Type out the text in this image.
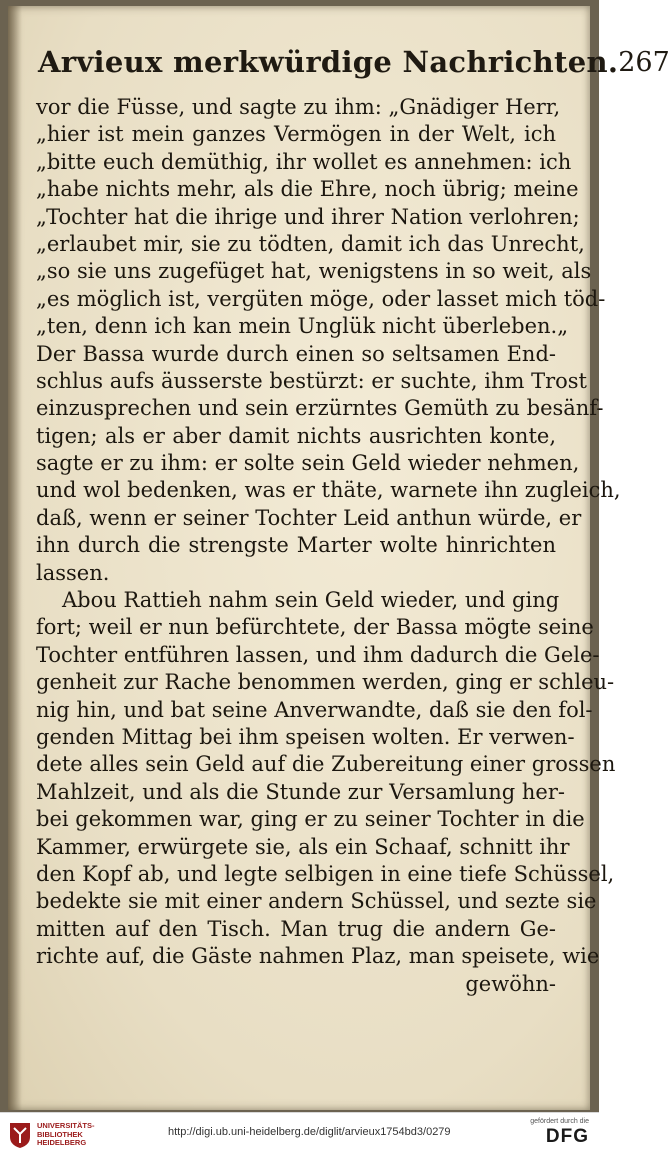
Arvieux merkwürdige Nachrichten. 267
vor die Füsse, und sagte zu ihm: „Gnädiger Herr,
„hier ist mein ganzes Vermögen in der Welt, ich
„bitte euch demüthig, ihr wollet es annehmen: ich
„habe nichts mehr, als die Ehre, noch übrig; meine
„Tochter hat die ihrige und ihrer Nation verlohren;
„erlaubet mir, sie zu tödten, damit ich das Unrecht,
„so sie uns zugefüget hat, wenigstens in so weit, als
„es möglich ist, vergüten möge, oder lasset mich töd-
„ten, denn ich kan mein Unglük nicht überleben.„
Der Bassa wurde durch einen so seltsamen End-
schlus aufs äusserste bestürzt: er suchte, ihm Trost
einzusprechen und sein erzürntes Gemüth zu besänf-
tigen; als er aber damit nichts ausrichten konte,
sagte er zu ihm: er solte sein Geld wieder nehmen,
und wol bedenken, was er thäte, warnete ihn zugleich,
daß, wenn er seiner Tochter Leid anthun würde, er
ihn durch die strengste Marter wolte hinrichten
lassen.
Abou Rattieh nahm sein Geld wieder, und ging
fort; weil er nun befürchtete, der Bassa mögte seine
Tochter entführen lassen, und ihm dadurch die Gele-
genheit zur Rache benommen werden, ging er schleu-
nig hin, und bat seine Anverwandte, daß sie den fol-
genden Mittag bei ihm speisen wolten. Er verwen-
dete alles sein Geld auf die Zubereitung einer grossen
Mahlzeit, und als die Stunde zur Versamlung her-
bei gekommen war, ging er zu seiner Tochter in die
Kammer, erwürgete sie, als ein Schaaf, schnitt ihr
den Kopf ab, und legte selbigen in eine tiefe Schüssel,
bedekte sie mit einer andern Schüssel, und sezte sie
mitten auf den Tisch. Man trug die andern Ge-
richte auf, die Gäste nahmen Plaz, man speisete, wie
gewöhn-
UNIVERSITÄTS-
BIBLIOTHEK
HEIDELBERG
http://digi.ub.uni-heidelberg.de/diglit/arvieux1754bd3/0279
gefördert durch die
DFG
